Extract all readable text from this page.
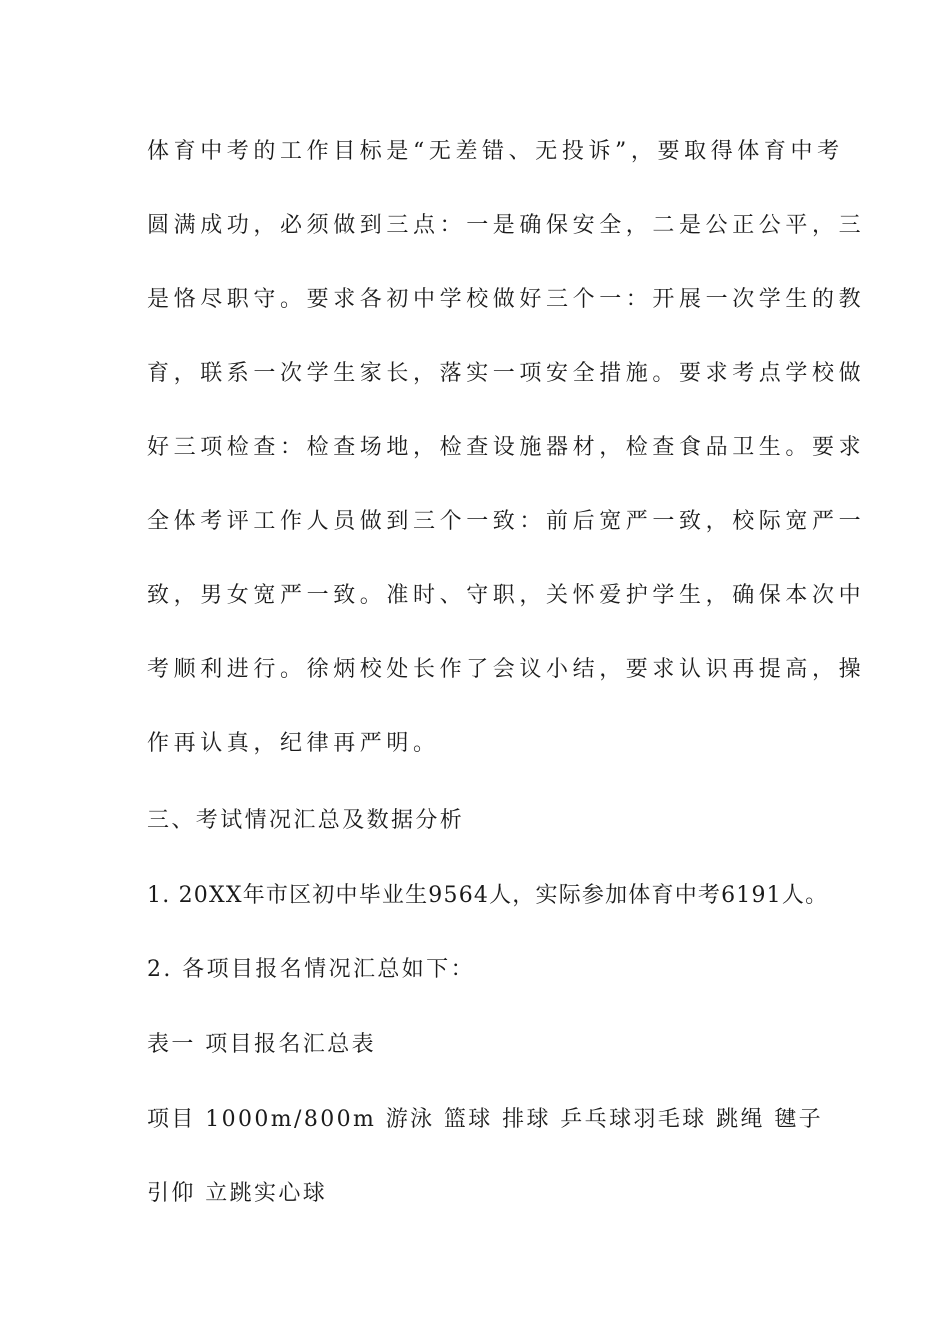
体育中考的工作目标是“无差错、无投诉”，要取得体育中考
圆满成功，必须做到三点：一是确保安全，二是公正公平，三
是恪尽职守。要求各初中学校做好三个一：开展一次学生的教
育，联系一次学生家长，落实一项安全措施。要求考点学校做
好三项检查：检查场地，检查设施器材，检查食品卫生。要求
全体考评工作人员做到三个一致：前后宽严一致，校际宽严一
致，男女宽严一致。准时、守职，关怀爱护学生，确保本次中
考顺利进行。徐炳校处长作了会议小结，要求认识再提高，操
作再认真，纪律再严明。
三、考试情况汇总及数据分析
1. 20XX年市区初中毕业生9564人，实际参加体育中考6191人。
2. 各项目报名情况汇总如下：
表一 项目报名汇总表
项目 1000m/800m 游泳 篮球 排球 乒乓球羽毛球 跳绳 毽子
引仰 立跳实心球
